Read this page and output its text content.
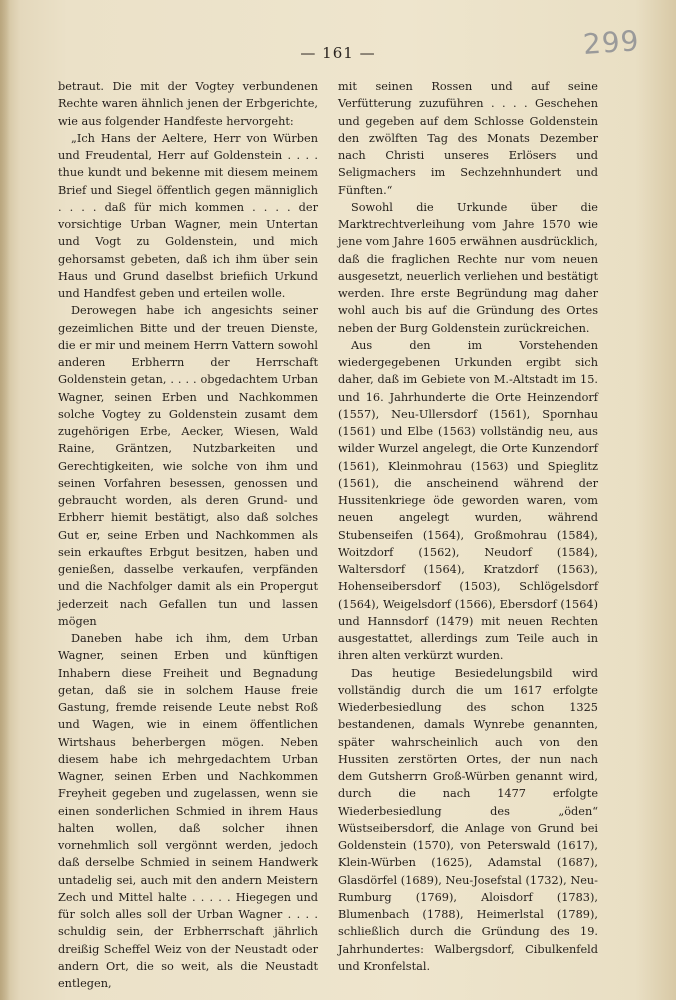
— 161 —	299

betraut. Die mit der Vogtey verbundenen Rechte waren ähnlich jenen der Erbgerichte, wie aus folgender Handfeste hervorgeht:

„Ich Hans der Aeltere, Herr von Würben und Freudental, Herr auf Goldenstein . . . . thue kundt und bekenne mit diesem meinem Brief und Siegel öffentlich gegen männiglich . . . . daß für mich kommen . . . . der vorsichtige Urban Wagner, mein Untertan und Vogt zu Goldenstein, und mich gehorsamst gebeten, daß ich ihm über sein Haus und Grund daselbst briefiich Urkund und Handfest geben und erteilen wolle.

Derowegen habe ich angesichts seiner gezeimlichen Bitte und der treuen Dienste, die er mir und meinem Herrn Vattern sowohl anderen Erbherrn der Herrschaft Goldenstein getan, . . . . obgedachtem Urban Wagner, seinen Erben und Nachkommen solche Vogtey zu Goldenstein zusamt dem zugehörigen Erbe, Aecker, Wiesen, Wald Raine, Gräntzen, Nutzbarkeiten und Gerechtigkeiten, wie solche von ihm und seinen Vorfahren besessen, genossen und gebraucht worden, als deren Grund- und Erbherr hiemit bestätigt, also daß solches Gut er, seine Erben und Nachkommen als sein erkauftes Erbgut besitzen, haben und genießen, dasselbe verkaufen, verpfänden und die Nachfolger damit als ein Propergut jederzeit nach Gefallen tun und lassen mögen

Daneben habe ich ihm, dem Urban Wagner, seinen Erben und künftigen Inhabern diese Freiheit und Begnadung getan, daß sie in solchem Hause freie Gastung, fremde reisende Leute nebst Roß und Wagen, wie in einem öffentlichen Wirtshaus beherbergen mögen. Neben diesem habe ich mehrgedachtem Urban Wagner, seinen Erben und Nachkommen Freyheit gegeben und zugelassen, wenn sie einen sonderlichen Schmied in ihrem Haus halten wollen, daß solcher ihnen vornehmlich soll vergönnt werden, jedoch daß derselbe Schmied in seinem Handwerk untadelig sei, auch mit den andern Meistern Zech und Mittel halte . . . . . Hiegegen und für solch alles soll der Urban Wagner . . . . schuldig sein, der Erbherrschaft jährlich dreißig Scheffel Weiz von der Neustadt oder andern Ort, die so weit, als die Neustadt entlegen,

mit seinen Rossen und auf seine Verfütterung zuzuführen . . . . Geschehen und gegeben auf dem Schlosse Goldenstein den zwölften Tag des Monats Dezember nach Christi unseres Erlösers und Seligmachers im Sechzehnhundert und Fünften.“

Sowohl die Urkunde über die Marktrechtverleihung vom Jahre 1570 wie jene vom Jahre 1605 erwähnen ausdrücklich, daß die fraglichen Rechte nur vom neuen ausgesetzt, neuerlich verliehen und bestätigt werden. Ihre erste Begründung mag daher wohl auch bis auf die Gründung des Ortes neben der Burg Goldenstein zurückreichen.

Aus den im Vorstehenden wiedergegebenen Urkunden ergibt sich daher, daß im Gebiete von M.-Altstadt im 15. und 16. Jahrhunderte die Orte Heinzendorf (1557), Neu-Ullersdorf (1561), Spornhau (1561) und Elbe (1563) vollständig neu, aus wilder Wurzel angelegt, die Orte Kunzendorf (1561), Kleinmohrau (1563) und Spieglitz (1561), die anscheinend während der Hussitenkriege öde geworden waren, vom neuen angelegt wurden, während Stubenseifen (1564), Großmohrau (1584), Woitzdorf (1562), Neudorf (1584), Waltersdorf (1564), Kratzdorf (1563), Hohenseibersdorf (1503), Schlögelsdorf (1564), Weigelsdorf (1566), Ebersdorf (1564) und Hannsdorf (1479) mit neuen Rechten ausgestattet, allerdings zum Teile auch in ihren alten verkürzt wurden.

Das heutige Besiedelungsbild wird vollständig durch die um 1617 erfolgte Wiederbesiedlung des schon 1325 bestandenen, damals Wynrebe genannten, später wahrscheinlich auch von den Hussiten zerstörten Ortes, der nun nach dem Gutsherrn Groß-Würben genannt wird, durch die nach 1477 erfolgte Wiederbesiedlung des „öden“ Wüstseibersdorf, die Anlage von Grund bei Goldenstein (1570), von Peterswald (1617), Klein-Würben (1625), Adamstal (1687), Glasdörfel (1689), Neu-Josefstal (1732), Neu-Rumburg (1769), Aloisdorf (1783), Blumenbach (1788), Heimerlstal (1789), schließlich durch die Gründung des 19. Jahrhundertes: Walbergsdorf, Cibulkenfeld und Kronfelstal.
